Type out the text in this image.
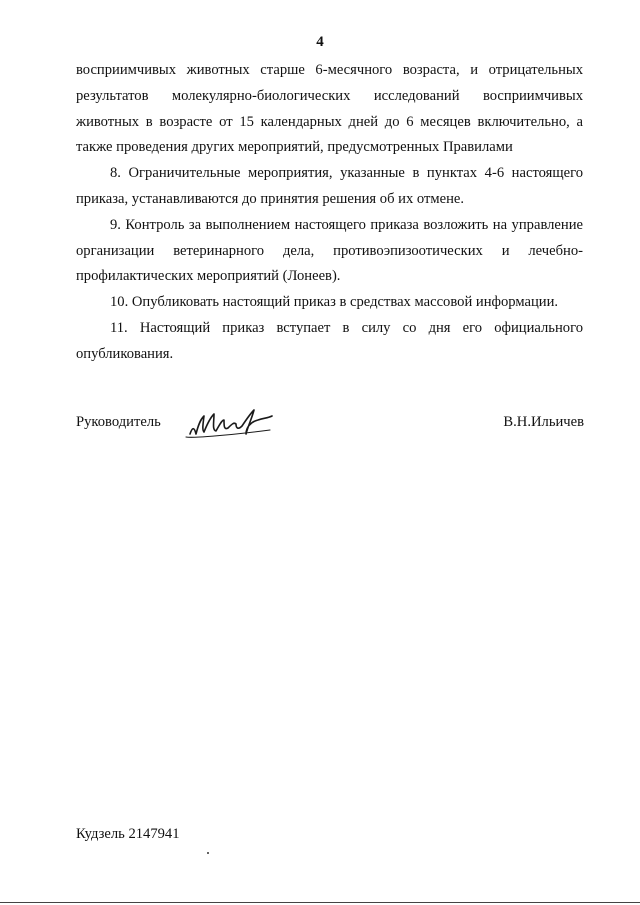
4

восприимчивых животных старше 6-месячного возраста, и отрицательных результатов молекулярно-биологических исследований восприимчивых животных в возрасте от 15 календарных дней до 6 месяцев включительно, а также проведения других мероприятий, предусмотренных Правилами

8. Ограничительные мероприятия, указанные в пунктах 4-6 настоящего приказа, устанавливаются до принятия решения об их отмене.

9. Контроль за выполнением настоящего приказа возложить на управление организации ветеринарного дела, противоэпизоотических и лечебно-профилактических мероприятий (Лонеев).

10. Опубликовать настоящий приказ в средствах массовой информации.

11. Настоящий приказ вступает в силу со дня его официального опубликования.

Руководитель	В.Н.Ильичев
Кудзель 2147941
